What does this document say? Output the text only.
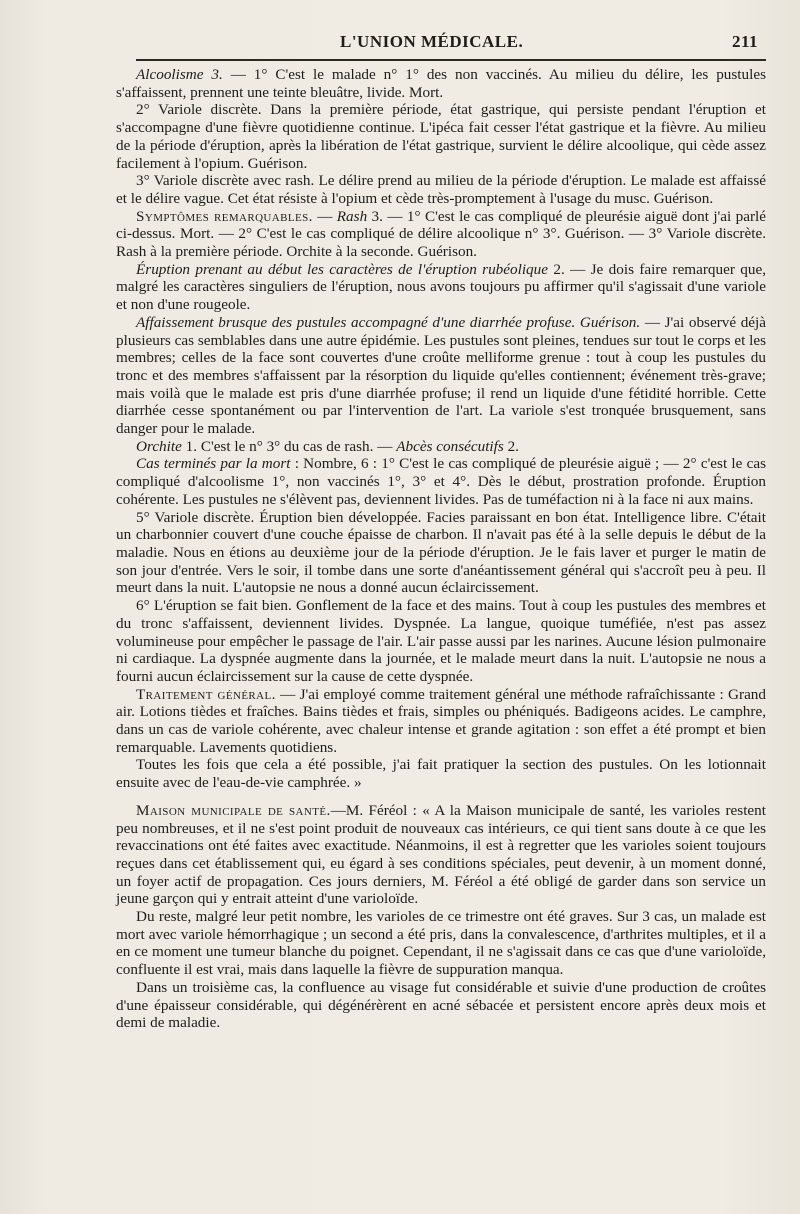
L'UNION MÉDICALE.	211

Alcoolisme 3. — 1° C'est le malade n° 1° des non vaccinés. Au milieu du délire, les pustules s'affaissent, prennent une teinte bleuâtre, livide. Mort.

2° Variole discrète. Dans la première période, état gastrique, qui persiste pendant l'éruption et s'accompagne d'une fièvre quotidienne continue. L'ipéca fait cesser l'état gastrique et la fièvre. Au milieu de la période d'éruption, après la libération de l'état gastrique, survient le délire alcoolique, qui cède assez facilement à l'opium. Guérison.

3° Variole discrète avec rash. Le délire prend au milieu de la période d'éruption. Le malade est affaissé et le délire vague. Cet état résiste à l'opium et cède très-promptement à l'usage du musc. Guérison.

Symptômes remarquables. — Rash 3. — 1° C'est le cas compliqué de pleurésie aiguë dont j'ai parlé ci-dessus. Mort. — 2° C'est le cas compliqué de délire alcoolique n° 3°. Guérison. — 3° Variole discrète. Rash à la première période. Orchite à la seconde. Guérison.

Éruption prenant au début les caractères de l'éruption rubéolique 2. — Je dois faire remarquer que, malgré les caractères singuliers de l'éruption, nous avons toujours pu affirmer qu'il s'agissait d'une variole et non d'une rougeole.

Affaissement brusque des pustules accompagné d'une diarrhée profuse. Guérison. — J'ai observé déjà plusieurs cas semblables dans une autre épidémie. Les pustules sont pleines, tendues sur tout le corps et les membres; celles de la face sont couvertes d'une croûte melliforme grenue : tout à coup les pustules du tronc et des membres s'affaissent par la résorption du liquide qu'elles contiennent; événement très-grave; mais voilà que le malade est pris d'une diarrhée profuse; il rend un liquide d'une fétidité horrible. Cette diarrhée cesse spontanément ou par l'intervention de l'art. La variole s'est tronquée brusquement, sans danger pour le malade.

Orchite 1. C'est le n° 3° du cas de rash. — Abcès consécutifs 2.

Cas terminés par la mort : Nombre, 6 : 1° C'est le cas compliqué de pleurésie aiguë ; — 2° c'est le cas compliqué d'alcoolisme 1°, non vaccinés 1°, 3° et 4°. Dès le début, prostration profonde. Éruption cohérente. Les pustules ne s'élèvent pas, deviennent livides. Pas de tuméfaction ni à la face ni aux mains.

5° Variole discrète. Éruption bien développée. Facies paraissant en bon état. Intelligence libre. C'était un charbonnier couvert d'une couche épaisse de charbon. Il n'avait pas été à la selle depuis le début de la maladie. Nous en étions au deuxième jour de la période d'éruption. Je le fais laver et purger le matin de son jour d'entrée. Vers le soir, il tombe dans une sorte d'anéantissement général qui s'accroît peu à peu. Il meurt dans la nuit. L'autopsie ne nous a donné aucun éclaircissement.

6° L'éruption se fait bien. Gonflement de la face et des mains. Tout à coup les pustules des membres et du tronc s'affaissent, deviennent livides. Dyspnée. La langue, quoique tuméfiée, n'est pas assez volumineuse pour empêcher le passage de l'air. L'air passe aussi par les narines. Aucune lésion pulmonaire ni cardiaque. La dyspnée augmente dans la journée, et le malade meurt dans la nuit. L'autopsie ne nous a fourni aucun éclaircissement sur la cause de cette dyspnée.

Traitement général. — J'ai employé comme traitement général une méthode rafraîchissante : Grand air. Lotions tièdes et fraîches. Bains tièdes et frais, simples ou phéniqués. Badigeons acides. Le camphre, dans un cas de variole cohérente, avec chaleur intense et grande agitation : son effet a été prompt et bien remarquable. Lavements quotidiens.

Toutes les fois que cela a été possible, j'ai fait pratiquer la section des pustules. On les lotionnait ensuite avec de l'eau-de-vie camphrée. »

Maison municipale de santé.—M. Féréol : « A la Maison municipale de santé, les varioles restent peu nombreuses, et il ne s'est point produit de nouveaux cas intérieurs, ce qui tient sans doute à ce que les revaccinations ont été faites avec exactitude. Néanmoins, il est à regretter que les varioles soient toujours reçues dans cet établissement qui, eu égard à ses conditions spéciales, peut devenir, à un moment donné, un foyer actif de propagation. Ces jours derniers, M. Féréol a été obligé de garder dans son service un jeune garçon qui y entrait atteint d'une varioloïde.

Du reste, malgré leur petit nombre, les varioles de ce trimestre ont été graves. Sur 3 cas, un malade est mort avec variole hémorrhagique ; un second a été pris, dans la convalescence, d'arthrites multiples, et il a en ce moment une tumeur blanche du poignet. Cependant, il ne s'agissait dans ce cas que d'une varioloïde, confluente il est vrai, mais dans laquelle la fièvre de suppuration manqua.

Dans un troisième cas, la confluence au visage fut considérable et suivie d'une production de croûtes d'une épaisseur considérable, qui dégénérèrent en acné sébacée et persistent encore après deux mois et demi de maladie.
